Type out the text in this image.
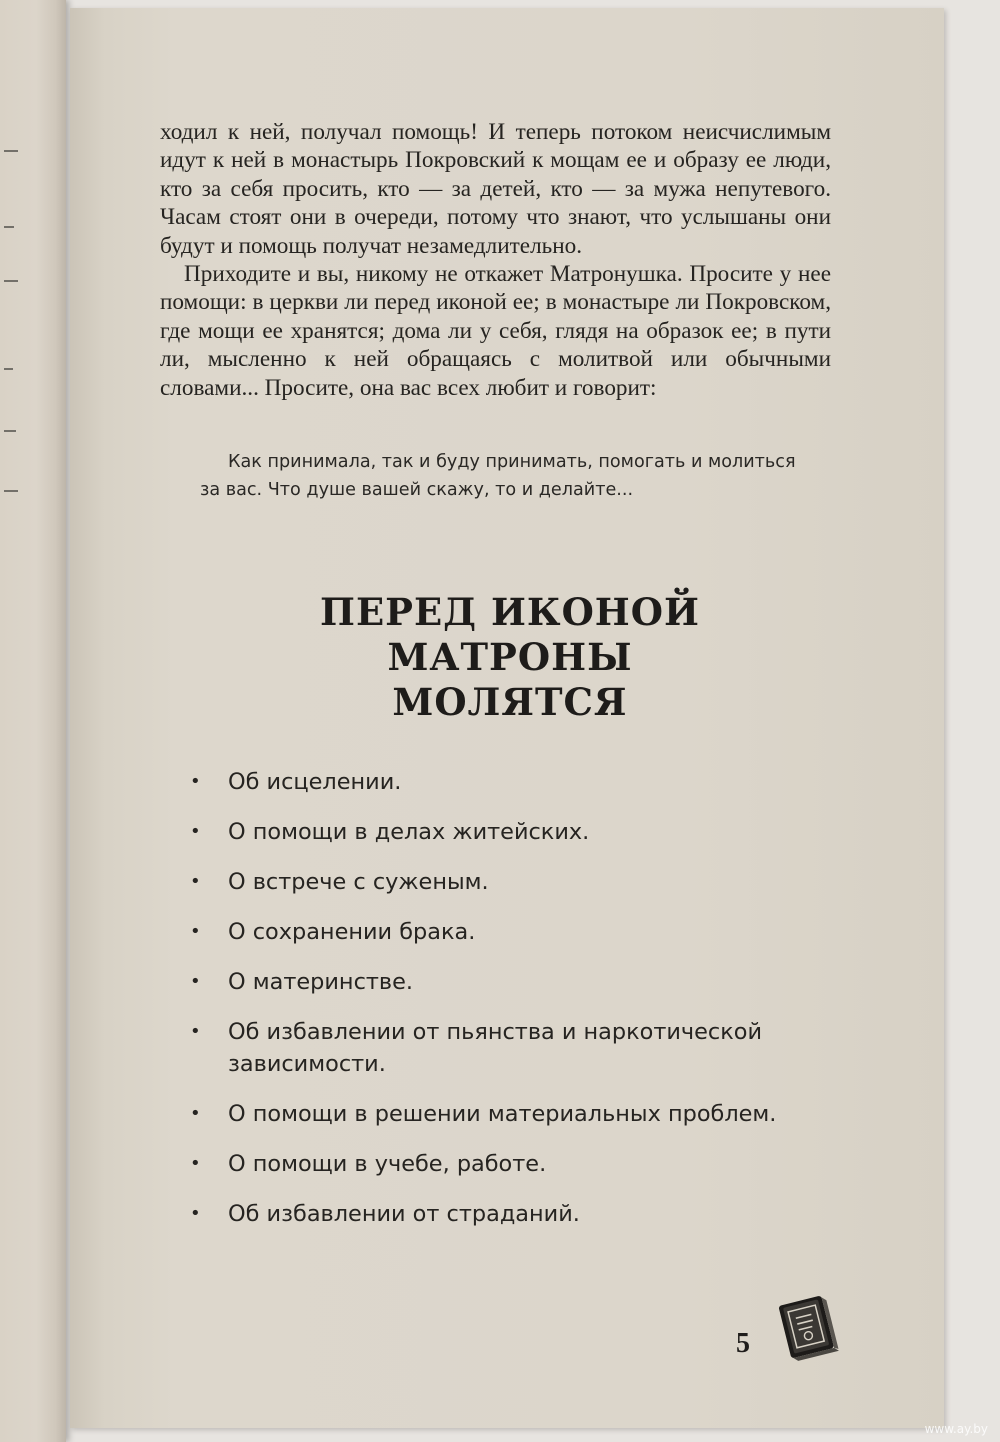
ходил к ней, получал помощь! И теперь потоком неисчислимым идут к ней в монастырь Покровский к мощам ее и образу ее люди, кто за себя просить, кто — за детей, кто — за мужа непутевого. Часам стоят они в очереди, потому что знают, что услышаны они будут и помощь получат незамедлительно.

Приходите и вы, никому не откажет Матронушка. Просите у нее помощи: в церкви ли перед иконой ее; в монастыре ли Покровском, где мощи ее хранятся; дома ли у себя, глядя на образок ее; в пути ли, мысленно к ней обращаясь с молитвой или обычными словами... Просите, она вас всех любит и говорит:

Как принимала, так и буду принимать, помогать и молиться за вас. Что душе вашей скажу, то и делайте...
ПЕРЕД ИКОНОЙ
МАТРОНЫ
МОЛЯТСЯ
• Об исцелении.
• О помощи в делах житейских.
• О встрече с суженым.
• О сохранении брака.
• О материнстве.
• Об избавлении от пьянства и наркотической зависимости.
• О помощи в решении материальных проблем.
• О помощи в учебе, работе.
• Об избавлении от страданий.
5
www.ay.by
